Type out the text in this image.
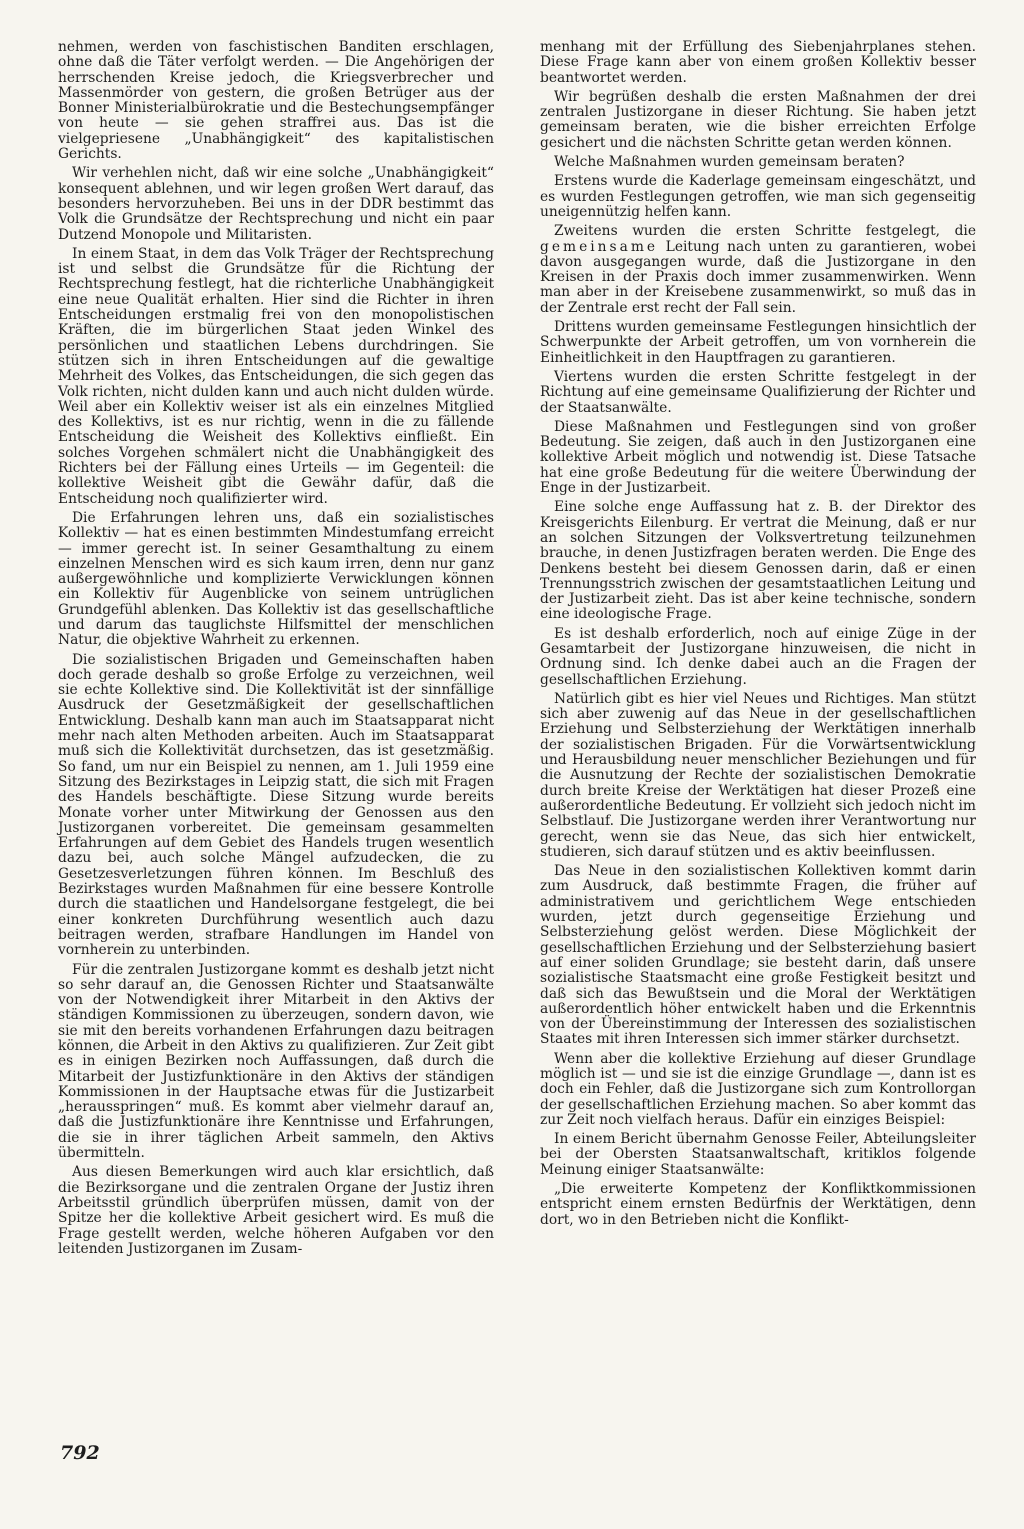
nehmen, werden von faschistischen Banditen erschlagen, ohne daß die Täter verfolgt werden. — Die Angehörigen der herrschenden Kreise jedoch, die Kriegsverbrecher und Massenmörder von gestern, die großen Betrüger aus der Bonner Ministerialbürokratie und die Bestechungsempfänger von heute — sie gehen straffrei aus. Das ist die vielgepriesene „Unabhängigkeit“ des kapitalistischen Gerichts.

Wir verhehlen nicht, daß wir eine solche „Unabhängigkeit“ konsequent ablehnen, und wir legen großen Wert darauf, das besonders hervorzuheben. Bei uns in der DDR bestimmt das Volk die Grundsätze der Rechtsprechung und nicht ein paar Dutzend Monopole und Militaristen.

In einem Staat, in dem das Volk Träger der Rechtsprechung ist und selbst die Grundsätze für die Richtung der Rechtsprechung festlegt, hat die richterliche Unabhängigkeit eine neue Qualität erhalten. Hier sind die Richter in ihren Entscheidungen erstmalig frei von den monopolistischen Kräften, die im bürgerlichen Staat jeden Winkel des persönlichen und staatlichen Lebens durchdringen. Sie stützen sich in ihren Entscheidungen auf die gewaltige Mehrheit des Volkes, das Entscheidungen, die sich gegen das Volk richten, nicht dulden kann und auch nicht dulden würde. Weil aber ein Kollektiv weiser ist als ein einzelnes Mitglied des Kollektivs, ist es nur richtig, wenn in die zu fällende Entscheidung die Weisheit des Kollektivs einfließt. Ein solches Vorgehen schmälert nicht die Unabhängigkeit des Richters bei der Fällung eines Urteils — im Gegenteil: die kollektive Weisheit gibt die Gewähr dafür, daß die Entscheidung noch qualifizierter wird.

Die Erfahrungen lehren uns, daß ein sozialistisches Kollektiv — hat es einen bestimmten Mindestumfang erreicht — immer gerecht ist. In seiner Gesamthaltung zu einem einzelnen Menschen wird es sich kaum irren, denn nur ganz außergewöhnliche und komplizierte Verwicklungen können ein Kollektiv für Augenblicke von seinem untrüglichen Grundgefühl ablenken. Das Kollektiv ist das gesellschaftliche und darum das tauglichste Hilfsmittel der menschlichen Natur, die objektive Wahrheit zu erkennen.

Die sozialistischen Brigaden und Gemeinschaften haben doch gerade deshalb so große Erfolge zu verzeichnen, weil sie echte Kollektive sind. Die Kollektivität ist der sinnfällige Ausdruck der Gesetzmäßigkeit der gesellschaftlichen Entwicklung. Deshalb kann man auch im Staatsapparat nicht mehr nach alten Methoden arbeiten. Auch im Staatsapparat muß sich die Kollektivität durchsetzen, das ist gesetzmäßig. So fand, um nur ein Beispiel zu nennen, am 1. Juli 1959 eine Sitzung des Bezirkstages in Leipzig statt, die sich mit Fragen des Handels beschäftigte. Diese Sitzung wurde bereits Monate vorher unter Mitwirkung der Genossen aus den Justizorganen vorbereitet. Die gemeinsam gesammelten Erfahrungen auf dem Gebiet des Handels trugen wesentlich dazu bei, auch solche Mängel aufzudecken, die zu Gesetzesverletzungen führen können. Im Beschluß des Bezirkstages wurden Maßnahmen für eine bessere Kontrolle durch die staatlichen und Handelsorgane festgelegt, die bei einer konkreten Durchführung wesentlich auch dazu beitragen werden, strafbare Handlungen im Handel von vornherein zu unterbinden.

Für die zentralen Justizorgane kommt es deshalb jetzt nicht so sehr darauf an, die Genossen Richter und Staatsanwälte von der Notwendigkeit ihrer Mitarbeit in den Aktivs der ständigen Kommissionen zu überzeugen, sondern davon, wie sie mit den bereits vorhandenen Erfahrungen dazu beitragen können, die Arbeit in den Aktivs zu qualifizieren. Zur Zeit gibt es in einigen Bezirken noch Auffassungen, daß durch die Mitarbeit der Justizfunktionäre in den Aktivs der ständigen Kommissionen in der Hauptsache etwas für die Justizarbeit „herausspringen“ muß. Es kommt aber vielmehr darauf an, daß die Justizfunktionäre ihre Kenntnisse und Erfahrungen, die sie in ihrer täglichen Arbeit sammeln, den Aktivs übermitteln.

Aus diesen Bemerkungen wird auch klar ersichtlich, daß die Bezirksorgane und die zentralen Organe der Justiz ihren Arbeitsstil gründlich überprüfen müssen, damit von der Spitze her die kollektive Arbeit gesichert wird. Es muß die Frage gestellt werden, welche höheren Aufgaben vor den leitenden Justizorganen im Zusam-

menhang mit der Erfüllung des Siebenjahrplanes stehen. Diese Frage kann aber von einem großen Kollektiv besser beantwortet werden.

Wir begrüßen deshalb die ersten Maßnahmen der drei zentralen Justizorgane in dieser Richtung. Sie haben jetzt gemeinsam beraten, wie die bisher erreichten Erfolge gesichert und die nächsten Schritte getan werden können.

Welche Maßnahmen wurden gemeinsam beraten?

Erstens wurde die Kaderlage gemeinsam eingeschätzt, und es wurden Festlegungen getroffen, wie man sich gegenseitig uneigennützig helfen kann.

Zweitens wurden die ersten Schritte festgelegt, die gemeinsame Leitung nach unten zu garantieren, wobei davon ausgegangen wurde, daß die Justizorgane in den Kreisen in der Praxis doch immer zusammenwirken. Wenn man aber in der Kreisebene zusammenwirkt, so muß das in der Zentrale erst recht der Fall sein.

Drittens wurden gemeinsame Festlegungen hinsichtlich der Schwerpunkte der Arbeit getroffen, um von vornherein die Einheitlichkeit in den Hauptfragen zu garantieren.

Viertens wurden die ersten Schritte festgelegt in der Richtung auf eine gemeinsame Qualifizierung der Richter und der Staatsanwälte.

Diese Maßnahmen und Festlegungen sind von großer Bedeutung. Sie zeigen, daß auch in den Justizorganen eine kollektive Arbeit möglich und notwendig ist. Diese Tatsache hat eine große Bedeutung für die weitere Überwindung der Enge in der Justizarbeit.

Eine solche enge Auffassung hat z. B. der Direktor des Kreisgerichts Eilenburg. Er vertrat die Meinung, daß er nur an solchen Sitzungen der Volksvertretung teilzunehmen brauche, in denen Justizfragen beraten werden. Die Enge des Denkens besteht bei diesem Genossen darin, daß er einen Trennungsstrich zwischen der gesamtstaatlichen Leitung und der Justizarbeit zieht. Das ist aber keine technische, sondern eine ideologische Frage.

Es ist deshalb erforderlich, noch auf einige Züge in der Gesamtarbeit der Justizorgane hinzuweisen, die nicht in Ordnung sind. Ich denke dabei auch an die Fragen der gesellschaftlichen Erziehung.

Natürlich gibt es hier viel Neues und Richtiges. Man stützt sich aber zuwenig auf das Neue in der gesellschaftlichen Erziehung und Selbsterziehung der Werktätigen innerhalb der sozialistischen Brigaden. Für die Vorwärtsentwicklung und Herausbildung neuer menschlicher Beziehungen und für die Ausnutzung der Rechte der sozialistischen Demokratie durch breite Kreise der Werktätigen hat dieser Prozeß eine außerordentliche Bedeutung. Er vollzieht sich jedoch nicht im Selbstlauf. Die Justizorgane werden ihrer Verantwortung nur gerecht, wenn sie das Neue, das sich hier entwickelt, studieren, sich darauf stützen und es aktiv beeinflussen.

Das Neue in den sozialistischen Kollektiven kommt darin zum Ausdruck, daß bestimmte Fragen, die früher auf administrativem und gerichtlichem Wege entschieden wurden, jetzt durch gegenseitige Erziehung und Selbsterziehung gelöst werden. Diese Möglichkeit der gesellschaftlichen Erziehung und der Selbsterziehung basiert auf einer soliden Grundlage; sie besteht darin, daß unsere sozialistische Staatsmacht eine große Festigkeit besitzt und daß sich das Bewußtsein und die Moral der Werktätigen außerordentlich höher entwickelt haben und die Erkenntnis von der Übereinstimmung der Interessen des sozialistischen Staates mit ihren Interessen sich immer stärker durchsetzt.

Wenn aber die kollektive Erziehung auf dieser Grundlage möglich ist — und sie ist die einzige Grundlage —, dann ist es doch ein Fehler, daß die Justizorgane sich zum Kontrollorgan der gesellschaftlichen Erziehung machen. So aber kommt das zur Zeit noch vielfach heraus. Dafür ein einziges Beispiel:

In einem Bericht übernahm Genosse Feiler, Abteilungsleiter bei der Obersten Staatsanwaltschaft, kritiklos folgende Meinung einiger Staatsanwälte:

„Die erweiterte Kompetenz der Konfliktkommissionen entspricht einem ernsten Bedürfnis der Werktätigen, denn dort, wo in den Betrieben nicht die Konflikt-

792
